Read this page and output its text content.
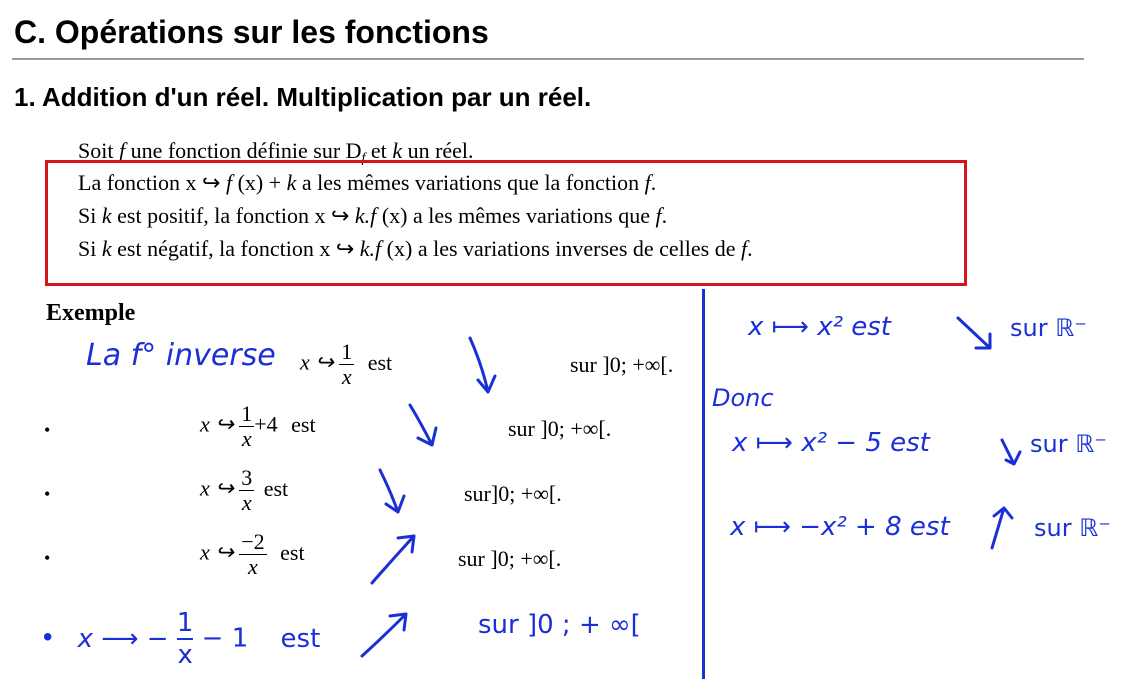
C. Opérations sur les fonctions
1. Addition d'un réel. Multiplication par un réel.
Soit f une fonction définie sur $D_f$ et k un réel.
La fonction x ↪ f (x) + k a les mêmes variations que la fonction f.
Si k est positif, la fonction x ↪ k.f (x) a les mêmes variations que f.
Si k est négatif, la fonction x ↪ k.f (x) a les variations inverses de celles de f.
Exemple
La f° inverse x ↪ $\frac{1}{x}$ est	sur ]0; +∞[.
•	x ↪ $\frac{1}{x} +4$ est	sur ]0; +∞[.
•	x ↪ $\frac{3}{x}$ est	sur]0; +∞[.
•	x ↪ $\frac{-2}{x}$ est	sur ]0; +∞[.
• x ⟶ − $\frac{1}{x} - 1$ est	sur ]0 ; + ∞[
x ⟼ x² est	sur ℝ⁻
Donc
x ⟼ x² − 5 est	sur ℝ⁻
x ⟼ −x² + 8 est	sur ℝ⁻
